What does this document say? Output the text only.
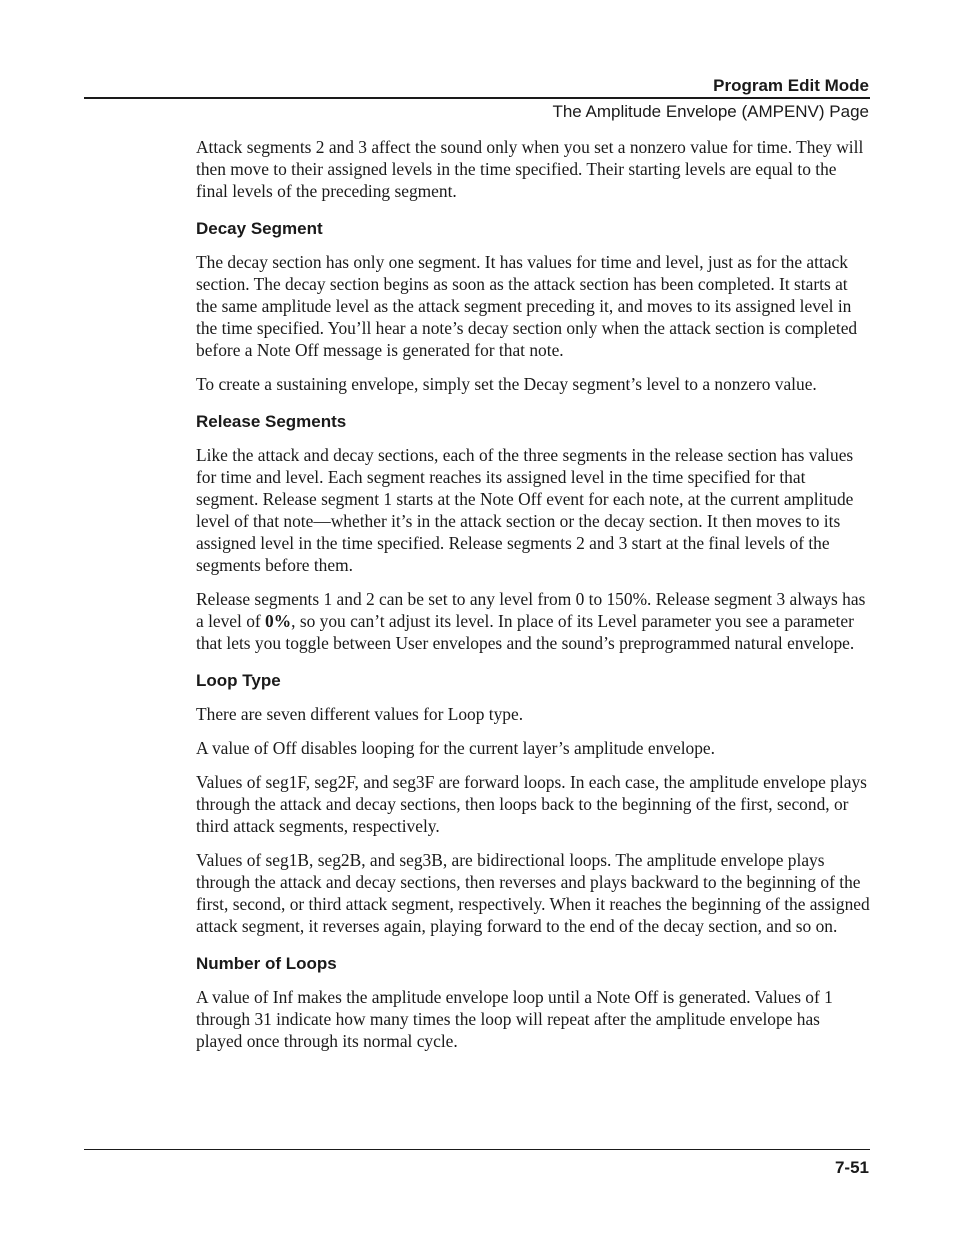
Program Edit Mode

The Amplitude Envelope (AMPENV) Page

Attack segments 2 and 3 affect the sound only when you set a nonzero value for time. They will then move to their assigned levels in the time specified. Their starting levels are equal to the final levels of the preceding segment.

Decay Segment

The decay section has only one segment. It has values for time and level, just as for the attack section. The decay section begins as soon as the attack section has been completed. It starts at the same amplitude level as the attack segment preceding it, and moves to its assigned level in the time specified. You’ll hear a note’s decay section only when the attack section is completed before a Note Off message is generated for that note.

To create a sustaining envelope, simply set the Decay segment’s level to a nonzero value.

Release Segments

Like the attack and decay sections, each of the three segments in the release section has values for time and level. Each segment reaches its assigned level in the time specified for that segment. Release segment 1 starts at the Note Off event for each note, at the current amplitude level of that note—whether it’s in the attack section or the decay section. It then moves to its assigned level in the time specified. Release segments 2 and 3 start at the final levels of the segments before them.

Release segments 1 and 2 can be set to any level from 0 to 150%. Release segment 3 always has a level of 0%, so you can’t adjust its level. In place of its Level parameter you see a parameter that lets you toggle between User envelopes and the sound’s preprogrammed natural envelope.

Loop Type

There are seven different values for Loop type.

A value of Off disables looping for the current layer’s amplitude envelope.

Values of seg1F, seg2F, and seg3F are forward loops. In each case, the amplitude envelope plays through the attack and decay sections, then loops back to the beginning of the first, second, or third attack segments, respectively.

Values of seg1B, seg2B, and seg3B, are bidirectional loops. The amplitude envelope plays through the attack and decay sections, then reverses and plays backward to the beginning of the first, second, or third attack segment, respectively. When it reaches the beginning of the assigned attack segment, it reverses again, playing forward to the end of the decay section, and so on.

Number of Loops

A value of Inf makes the amplitude envelope loop until a Note Off is generated. Values of 1 through 31 indicate how many times the loop will repeat after the amplitude envelope has played once through its normal cycle.

7-51
